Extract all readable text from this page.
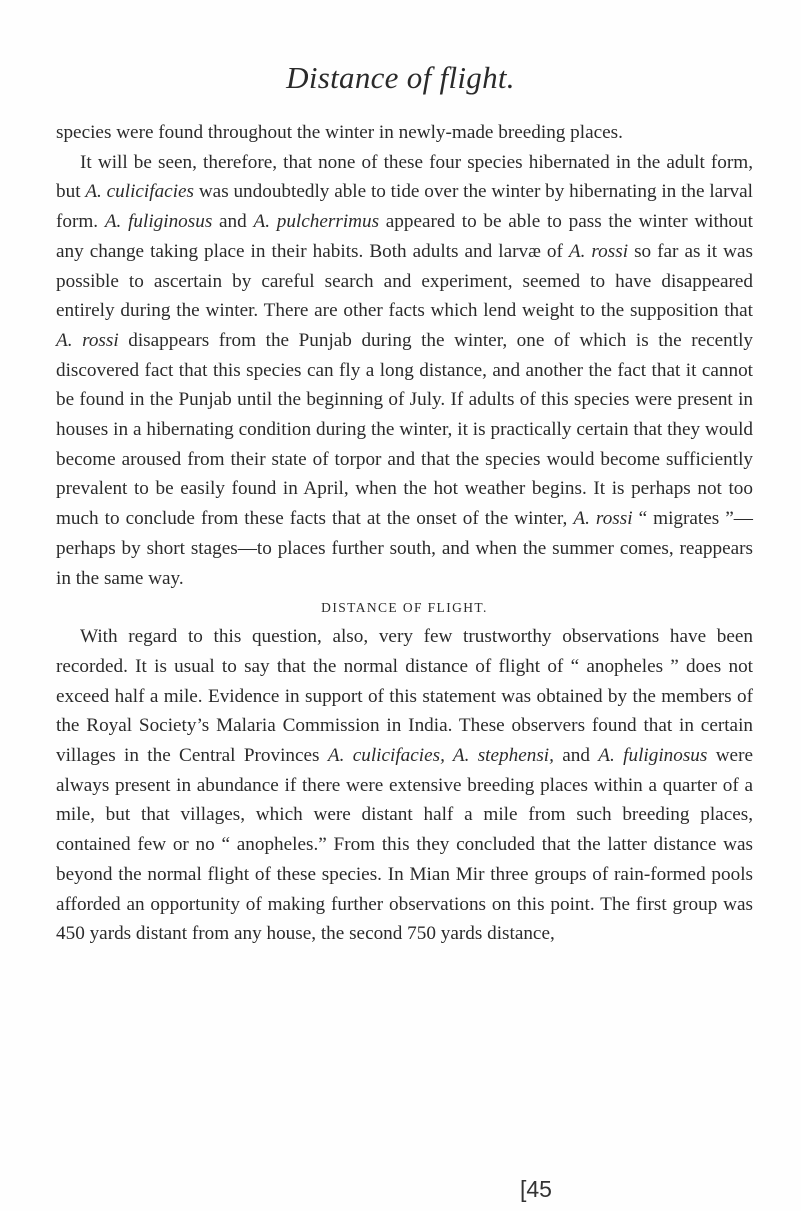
Distance of flight.

species were found throughout the winter in newly-made breeding places.

It will be seen, therefore, that none of these four species hibernated in the adult form, but A. culicifacies was undoubtedly able to tide over the winter by hibernating in the larval form. A. fuliginosus and A. pulcherrimus appeared to be able to pass the winter without any change taking place in their habits. Both adults and larvæ of A. rossi so far as it was possible to ascertain by careful search and experiment, seemed to have disappeared entirely during the winter. There are other facts which lend weight to the supposition that A. rossi disappears from the Punjab during the winter, one of which is the recently discovered fact that this species can fly a long distance, and another the fact that it cannot be found in the Punjab until the beginning of July. If adults of this species were present in houses in a hibernating condition during the winter, it is practically certain that they would become aroused from their state of torpor and that the species would become sufficiently prevalent to be easily found in April, when the hot weather begins. It is perhaps not too much to conclude from these facts that at the onset of the winter, A. rossi “ migrates ”—perhaps by short stages—to places further south, and when the summer comes, reappears in the same way.

DISTANCE OF FLIGHT.

With regard to this question, also, very few trustworthy observations have been recorded. It is usual to say that the normal distance of flight of “ anopheles ” does not exceed half a mile. Evidence in support of this statement was obtained by the members of the Royal Society’s Malaria Commission in India. These observers found that in certain villages in the Central Provinces A. culicifacies, A. stephensi, and A. fuliginosus were always present in abundance if there were extensive breeding places within a quarter of a mile, but that villages, which were distant half a mile from such breeding places, contained few or no “ anopheles.” From this they concluded that the latter distance was beyond the normal flight of these species. In Mian Mir three groups of rain-formed pools afforded an opportunity of making further observations on this point. The first group was 450 yards distant from any house, the second 750 yards distance,

[45
